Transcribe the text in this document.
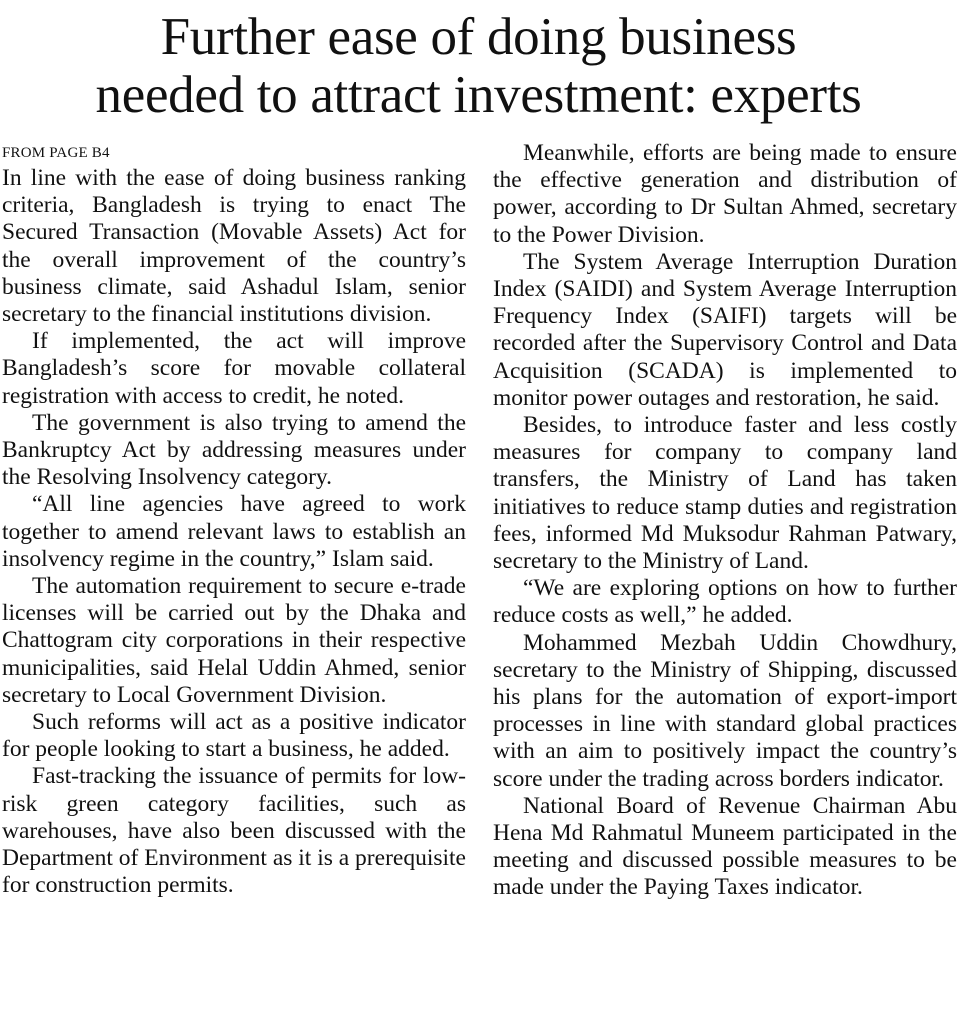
Further ease of doing business
needed to attract investment: experts
FROM PAGE B4

In line with the ease of doing business ranking criteria, Bangladesh is trying to enact The Secured Transaction (Movable Assets) Act for the overall improvement of the country’s business climate, said Ashadul Islam, senior secretary to the financial institutions division.

If implemented, the act will improve Bangladesh’s score for movable collateral registration with access to credit, he noted.

The government is also trying to amend the Bankruptcy Act by addressing measures under the Resolving Insolvency category.

“All line agencies have agreed to work together to amend relevant laws to establish an insolvency regime in the country,” Islam said.

The automation requirement to secure e-trade licenses will be carried out by the Dhaka and Chattogram city corporations in their respective municipalities, said Helal Uddin Ahmed, senior secretary to Local Government Division.

Such reforms will act as a positive indicator for people looking to start a business, he added.

Fast-tracking the issuance of permits for low-risk green category facilities, such as warehouses, have also been discussed with the Department of Environment as it is a prerequisite for construction permits.

Meanwhile, efforts are being made to ensure the effective generation and distribution of power, according to Dr Sultan Ahmed, secretary to the Power Division.

The System Average Interruption Duration Index (SAIDI) and System Average Interruption Frequency Index (SAIFI) targets will be recorded after the Supervisory Control and Data Acquisition (SCADA) is implemented to monitor power outages and restoration, he said.

Besides, to introduce faster and less costly measures for company to company land transfers, the Ministry of Land has taken initiatives to reduce stamp duties and registration fees, informed Md Muksodur Rahman Patwary, secretary to the Ministry of Land.

“We are exploring options on how to further reduce costs as well,” he added.

Mohammed Mezbah Uddin Chowdhury, secretary to the Ministry of Shipping, discussed his plans for the automation of export-import processes in line with standard global practices with an aim to positively impact the country’s score under the trading across borders indicator.

National Board of Revenue Chairman Abu Hena Md Rahmatul Muneem participated in the meeting and discussed possible measures to be made under the Paying Taxes indicator.
